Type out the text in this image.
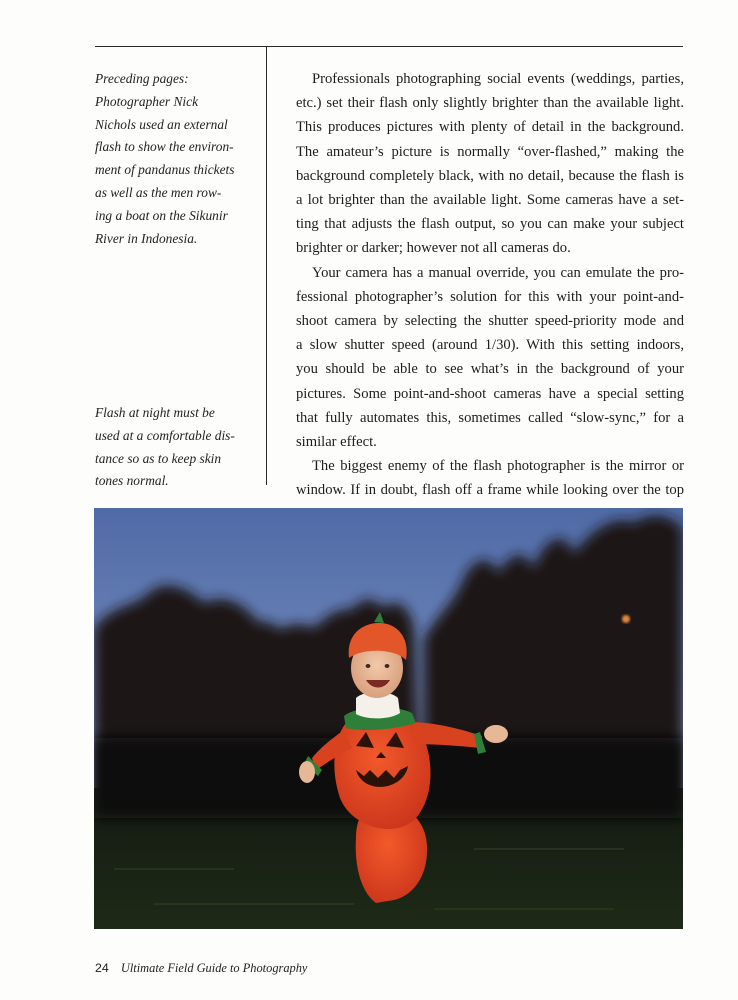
Preceding pages:
Photographer Nick
Nichols used an external
flash to show the environ-
ment of pandanus thickets
as well as the men row-
ing a boat on the Sikunir
River in Indonesia.
Flash at night must be
used at a comfortable dis-
tance so as to keep skin
tones normal.

Professionals photographing social events (weddings, parties,
etc.) set their flash only slightly brighter than the available light.
This produces pictures with plenty of detail in the background.
The amateur’s picture is normally “over-flashed,” making the
background completely black, with no detail, because the flash is
a lot brighter than the available light. Some cameras have a set-
ting that adjusts the flash output, so you can make your subject
brighter or darker; however not all cameras do.

Your camera has a manual override, you can emulate the pro-
fessional photographer’s solution for this with your point-and-
shoot camera by selecting the shutter speed-priority mode and
a slow shutter speed (around 1/30). With this setting indoors,
you should be able to see what’s in the background of your
pictures. Some point-and-shoot cameras have a special setting
that fully automates this, sometimes called “slow-sync,” for a
similar effect.

The biggest enemy of the flash photographer is the mirror or
window. If in doubt, flash off a frame while looking over the top

24 Ultimate Field Guide to Photography
